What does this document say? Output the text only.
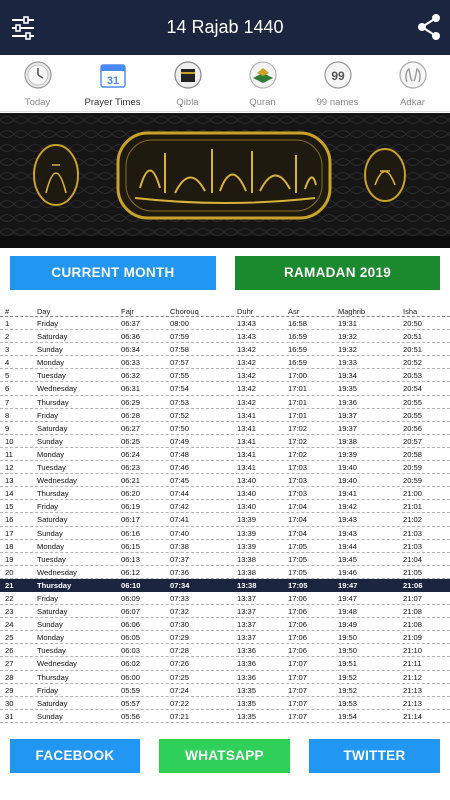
14 Rajab 1440
Today
31
Prayer Times	Qibla	Quran
99
99 names	Adkar
CURRENT MONTH	RAMADAN 2019
#	Day	Fajr	Chorouq	Duhr	Asr	Maghrib	Isha
1	Friday	06:37	08:00	13:43	16:58	19:31	20:50
2	Saturday	06:36	07:59	13:43	16:59	19:32	20:51
3	Sunday	06:34	07:58	13:42	16:59	19:32	20:51
4	Monday	06:33	07:57	13:42	16:59	19:33	20:52
5	Tuesday	06:32	07:55	13:42	17:00	19:34	20:53
6	Wednesday	06:31	07:54	13:42	17:01	19:35	20:54
7	Thursday	06:29	07:53	13:42	17:01	19:36	20:55
8	Friday	06:28	07:52	13:41	17:01	19:37	20:55
9	Saturday	06:27	07:50	13:41	17:02	19:37	20:56
10	Sunday	06:25	07:49	13:41	17:02	19:38	20:57
11	Monday	06:24	07:48	13:41	17:02	19:39	20:58
12	Tuesday	06:23	07:46	13:41	17:03	19:40	20:59
13	Wednesday	06:21	07:45	13:40	17:03	19:40	20:59
14	Thursday	06:20	07:44	13:40	17:03	19:41	21:00
15	Friday	06:19	07:42	13:40	17:04	19:42	21:01
16	Saturday	06:17	07:41	13:39	17:04	19:43	21:02
17	Sunday	06:16	07:40	13:39	17:04	19:43	21:03
18	Monday	06:15	07:38	13:39	17:05	19:44	21:03
19	Tuesday	06:13	07:37	13:38	17:05	19:45	21:04
20	Wednesday	06:12	07:36	13:38	17:05	19:46	21:05
21	Thursday	06:10	07:34	13:38	17:05	19:47	21:06
22	Friday	06:09	07:33	13:37	17:06	19:47	21:07
23	Saturday	06:07	07:32	13:37	17:06	19:48	21:08
24	Sunday	06:06	07:30	13:37	17:06	19:49	21:08
25	Monday	06:05	07:29	13:37	17:06	19:50	21:09
26	Tuesday	06:03	07:28	13:36	17:06	19:50	21:10
27	Wednesday	06:02	07:26	13:36	17:07	19:51	21:11
28	Thursday	06:00	07:25	13:36	17:07	19:52	21:12
29	Friday	05:59	07:24	13:35	17:07	19:52	21:13
30	Saturday	05:57	07:22	13:35	17:07	19:53	21:13
31	Sunday	05:56	07:21	13:35	17:07	19:54	21:14
FACEBOOK	WHATSAPP	TWITTER
